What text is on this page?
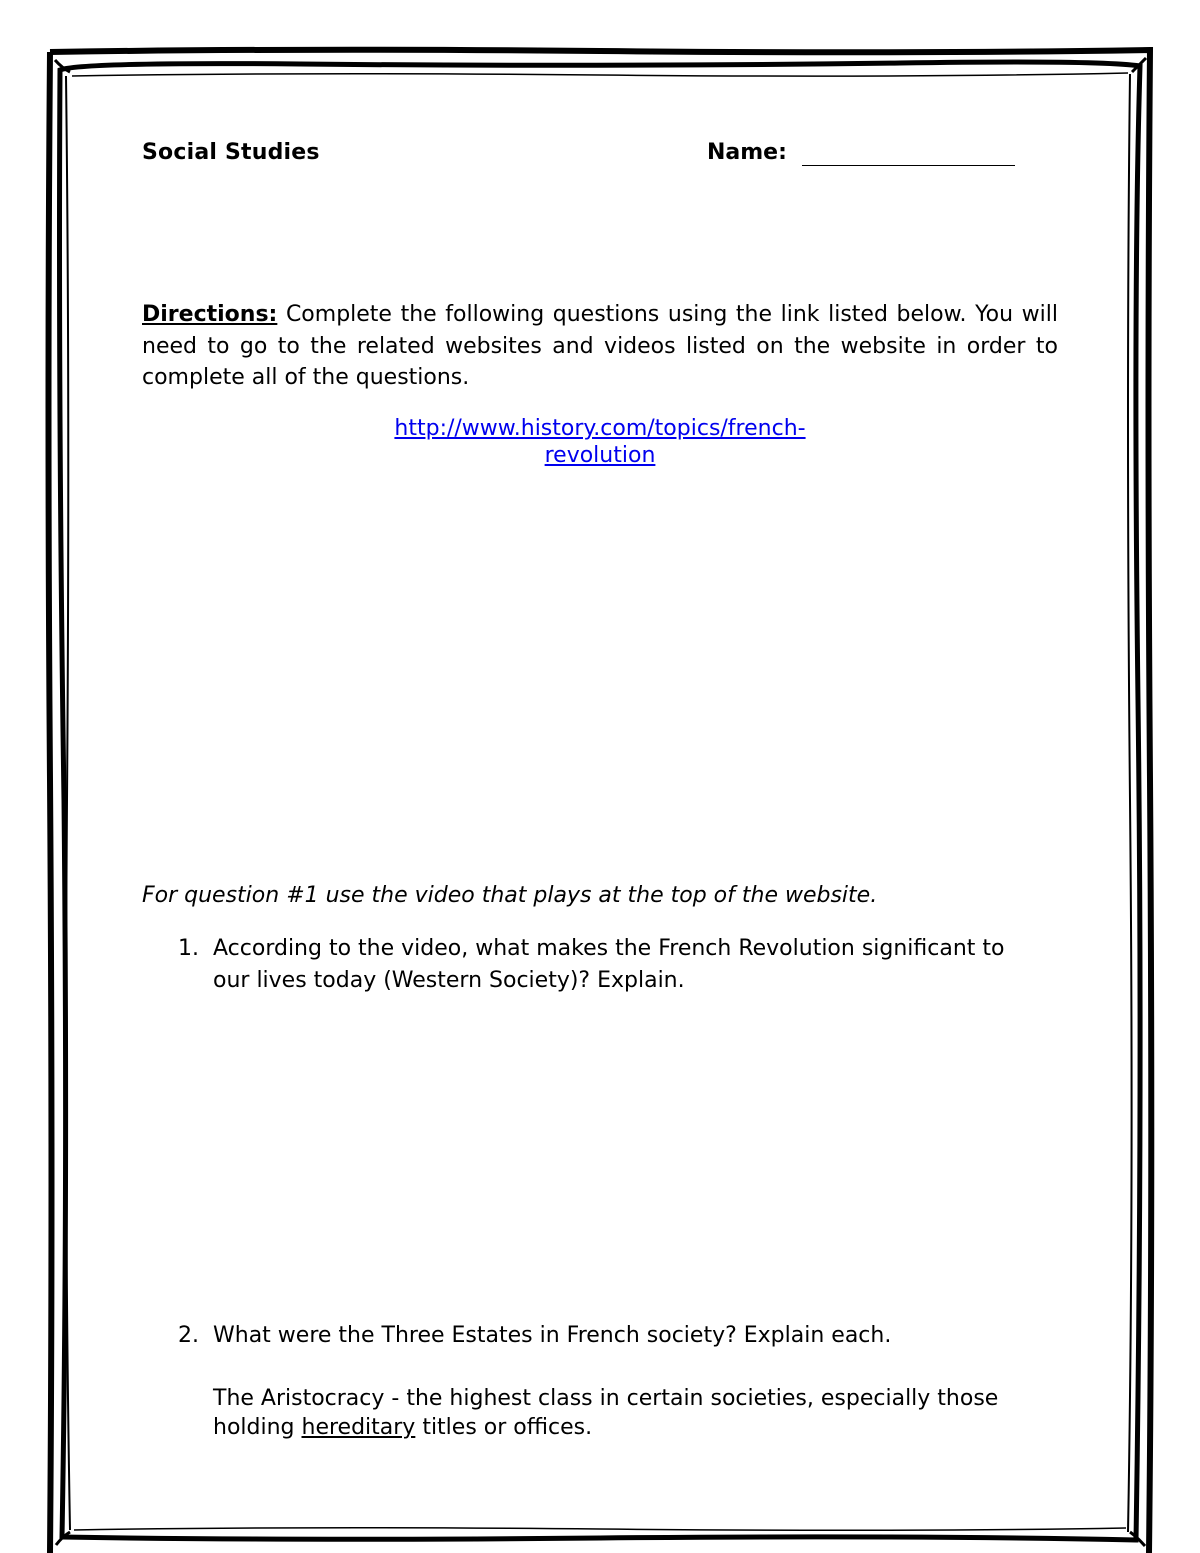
Social Studies	Name:
Directions: Complete the following questions using the link listed below. You will need to go to the related websites and videos listed on the website in order to complete all of the questions.
http://www.history.com/topics/french-
revolution
For question #1 use the video that plays at the top of the website.
1. According to the video, what makes the French Revolution significant to our lives today (Western Society)? Explain.
2. What were the Three Estates in French society? Explain each.
The Aristocracy - the highest class in certain societies, especially those holding hereditary titles or offices.
